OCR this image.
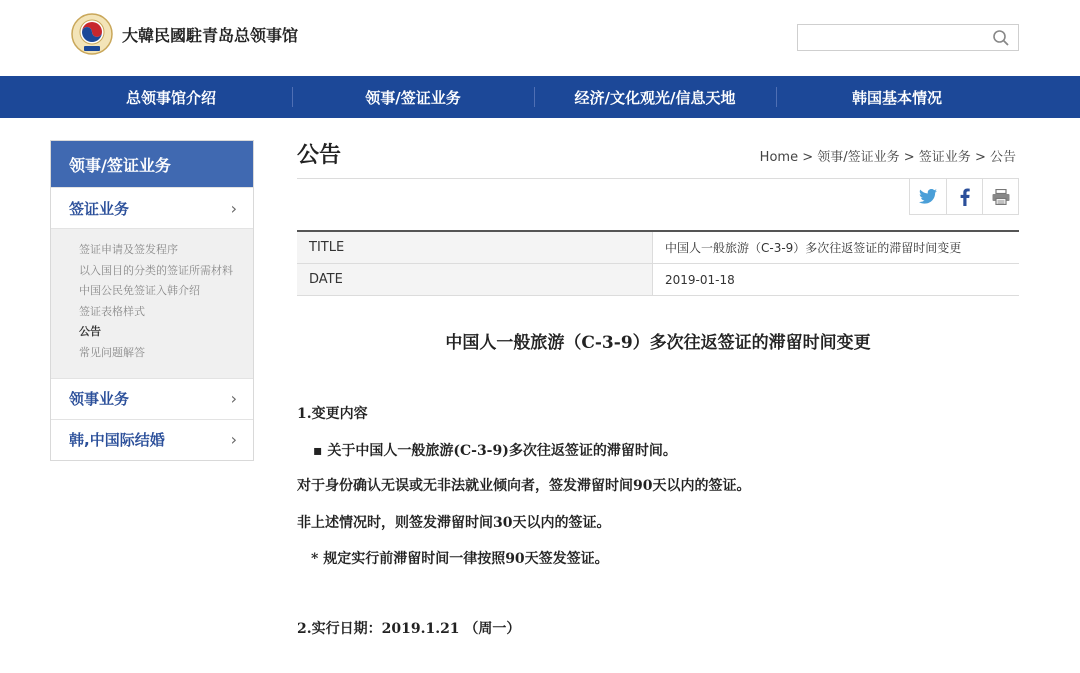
大韓民國駐青岛总领事馆
总领事馆介绍	领事/签证业务	经济/文化观光/信息天地	韩国基本情况
领事/签证业务
签证业务	›
签证申请及签发程序
以入国目的分类的签证所需材料
中国公民免签证入韩介绍
签证表格样式
公告
常见问题解答
领事业务	›
韩,中国际结婚	›
公告	Home > 领事/签证业务 > 签证业务 > 公告
TITLE	中国人一般旅游（C-3-9）多次往返签证的滞留时间变更
DATE	2019-01-18
中国人一般旅游（C-3-9）多次往返签证的滞留时间变更
1.变更内容
▪ 关于中国人一般旅游(C-3-9)多次往返签证的滞留时间。
对于身份确认无误或无非法就业倾向者，签发滞留时间90天以内的签证。
非上述情况时，则签发滞留时间30天以内的签证。
* 规定实行前滞留时间一律按照90天签发签证。
2.实行日期：2019.1.21 （周一）
